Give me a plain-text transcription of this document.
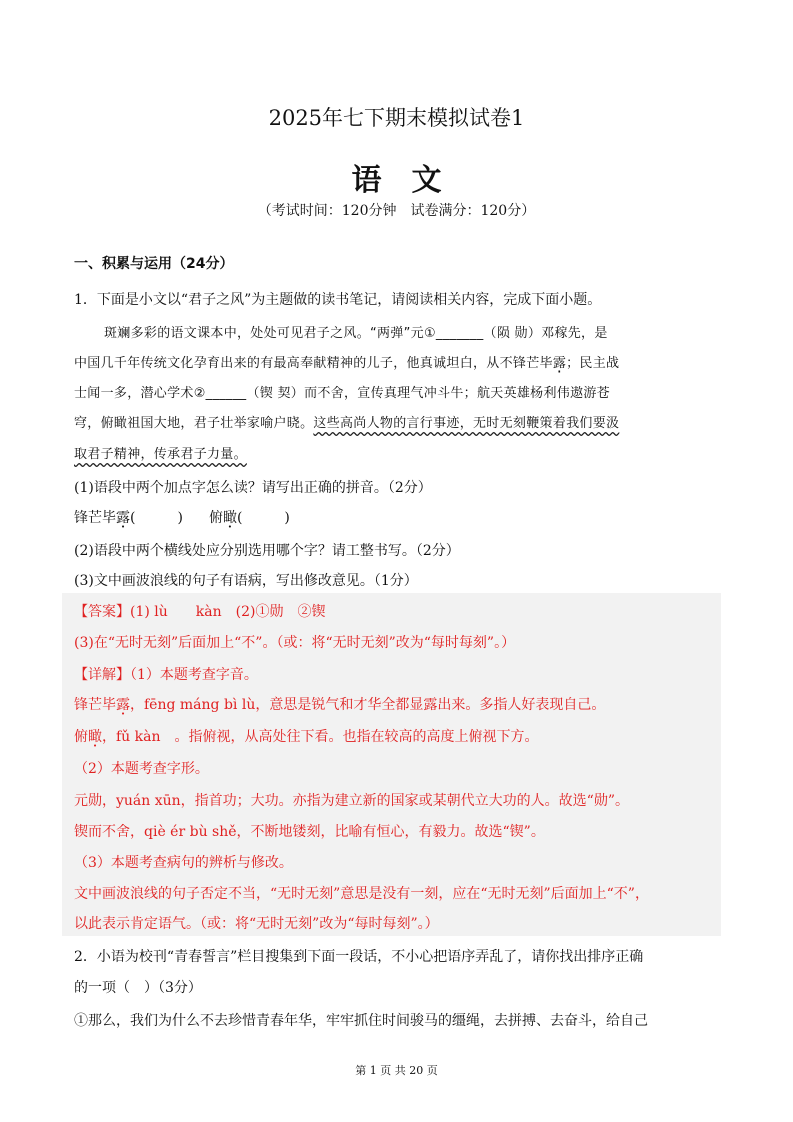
2025年七下期末模拟试卷1
语文
（考试时间：120分钟　试卷满分：120分）
一、积累与运用（24分）
1．下面是小文以“君子之风”为主题做的读书笔记，请阅读相关内容，完成下面小题。
斑斓多彩的语文课本中，处处可见君子之风。“两弹”元①_______（陨 勋）邓稼先，是
中国几千年传统文化孕育出来的有最高奉献精神的儿子，他真诚坦白，从不锋芒毕露；民主战
士闻一多，潜心学术②______（锲 契）而不舍，宣传真理气冲斗牛；航天英雄杨利伟遨游苍
穹，俯瞰祖国大地，君子壮举家喻户晓。这些高尚人物的言行事迹，无时无刻鞭策着我们要汲
取君子精神，传承君子力量。
(1)语段中两个加点字怎么读？请写出正确的拼音。（2分）
锋芒毕露(　　　) 俯瞰(　　　)
(2)语段中两个横线处应分别选用哪个字？请工整书写。（2分）
(3)文中画波浪线的句子有语病，写出修改意见。（1分）
【答案】(1) lù　　kàn　(2)①勋　②锲
(3)在“无时无刻”后面加上“不”。（或：将“无时无刻”改为“每时每刻”。）
【详解】（1）本题考查字音。
锋芒毕露，fēng máng bì lù，意思是锐气和才华全都显露出来。多指人好表现自己。
俯瞰，fǔ kàn　。指俯视，从高处往下看。也指在较高的高度上俯视下方。
（2）本题考查字形。
元勋，yuán xūn，指首功；大功。亦指为建立新的国家或某朝代立大功的人。故选“勋”。
锲而不舍，qiè ér bù shě，不断地镂刻，比喻有恒心，有毅力。故选“锲”。
（3）本题考查病句的辨析与修改。
文中画波浪线的句子否定不当，“无时无刻”意思是没有一刻，应在“无时无刻”后面加上“不”，
以此表示肯定语气。（或：将“无时无刻”改为“每时每刻”。）
2．小语为校刊“青春誓言”栏目搜集到下面一段话，不小心把语序弄乱了，请你找出排序正确
的一项（　）（3分）
①那么，我们为什么不去珍惜青春年华，牢牢抓住时间骏马的缰绳，去拼搏、去奋斗，给自己
第 1 页 共 20 页
